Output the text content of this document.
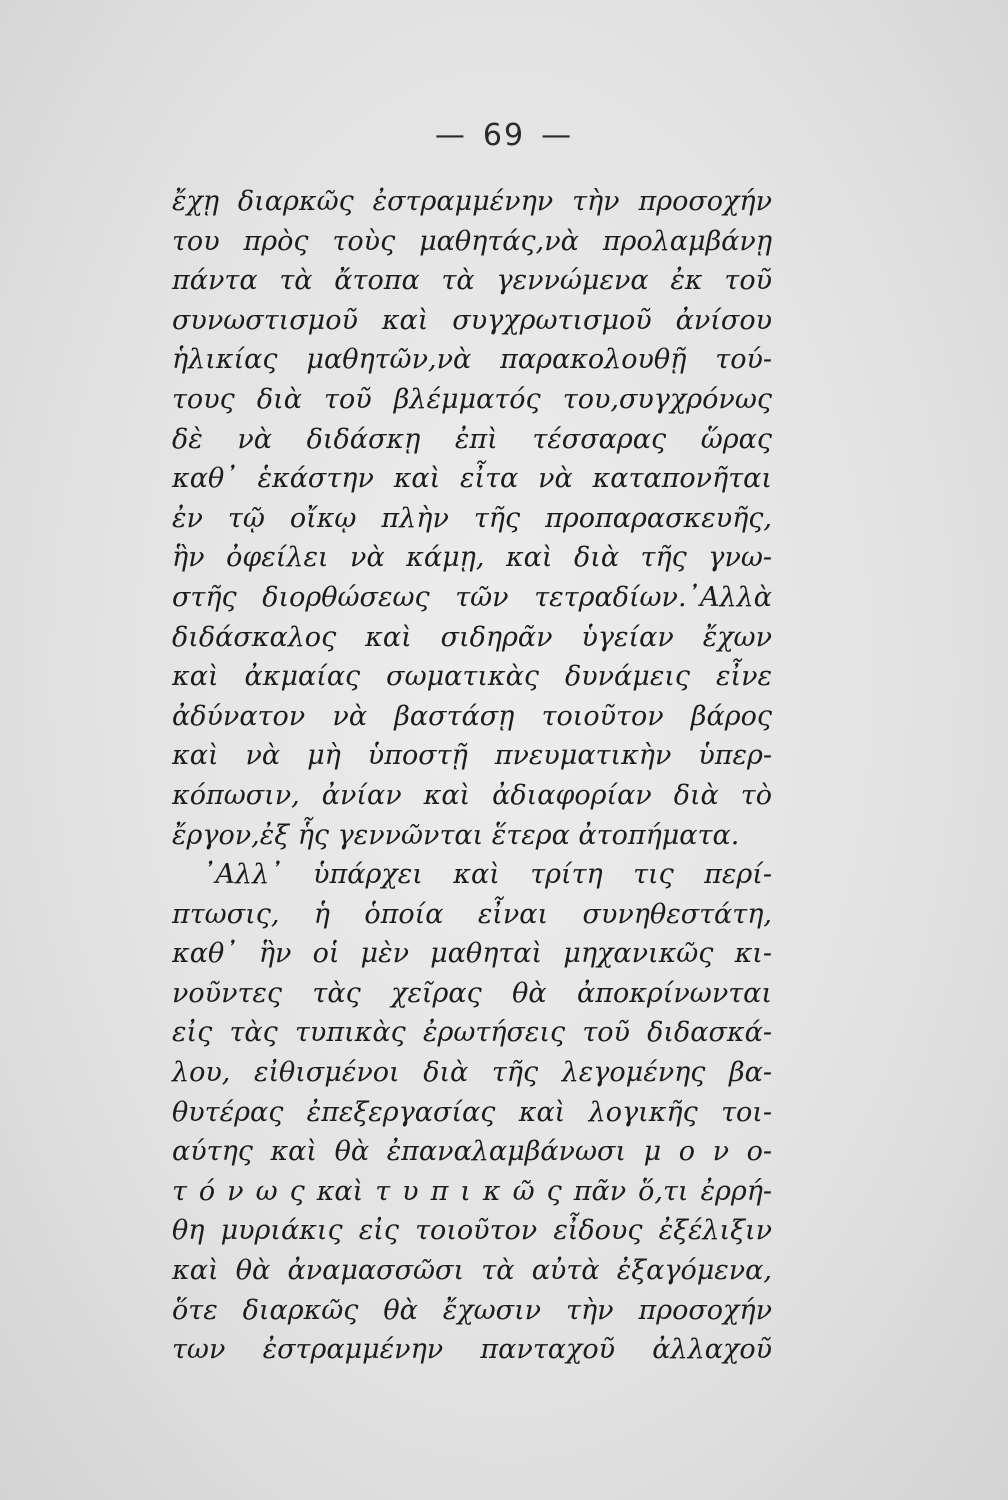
— 69 —
ἔχῃ διαρκῶς ἐστραμμένην τὴν προσοχήν
του πρὸς τοὺς μαθητάς,νὰ προλαμβάνῃ
πάντα τὰ ἄτοπα τὰ γεννώμενα ἐκ τοῦ
συνωστισμοῦ καὶ συγχρωτισμοῦ ἀνίσου
ἡλικίας μαθητῶν,νὰ παρακολουθῇ τού-
τους διὰ τοῦ βλέμματός του,συγχρόνως
δὲ νὰ διδάσκῃ ἐπὶ τέσσαρας ὥρας
καθ᾽ ἑκάστην καὶ εἶτα νὰ καταπονῆται
ἐν τῷ οἴκῳ πλὴν τῆς προπαρασκευῆς,
ἣν ὀφείλει νὰ κάμῃ, καὶ διὰ τῆς γνω-
στῆς διορθώσεως τῶν τετραδίων.᾽Αλλὰ
διδάσκαλος καὶ σιδηρᾶν ὑγείαν ἔχων
καὶ ἀκμαίας σωματικὰς δυνάμεις εἶνε
ἀδύνατον νὰ βαστάσῃ τοιοῦτον βάρος
καὶ νὰ μὴ ὑποστῇ πνευματικὴν ὑπερ-
κόπωσιν, ἀνίαν καὶ ἀδιαφορίαν διὰ τὸ
ἔργον,ἐξ ἧς γεννῶνται ἕτερα ἀτοπήματα.
᾽Αλλ᾽ ὑπάρχει καὶ τρίτη τις περί-
πτωσις, ἡ ὁποία εἶναι συνηθεστάτη,
καθ᾽ ἣν οἱ μὲν μαθηταὶ μηχανικῶς κι-
νοῦντες τὰς χεῖρας θὰ ἀποκρίνωνται
εἰς τὰς τυπικὰς ἐρωτήσεις τοῦ διδασκά-
λου, εἰθισμένοι διὰ τῆς λεγομένης βα-
θυτέρας ἐπεξεργασίας καὶ λογικῆς τοι-
αύτης καὶ θὰ ἐπαναλαμβάνωσι μ ο ν ο-
τ ό ν ω ς καὶ τ υ π ι κ ῶ ς πᾶν ὅ,τι ἐρρή-
θη μυριάκις εἰς τοιοῦτον εἶδους ἐξέλιξιν
καὶ θὰ ἀναμασσῶσι τὰ αὐτὰ ἐξαγόμενα,
ὅτε διαρκῶς θὰ ἔχωσιν τὴν προσοχήν
των ἐστραμμένην πανταχοῦ ἀλλαχοῦ
